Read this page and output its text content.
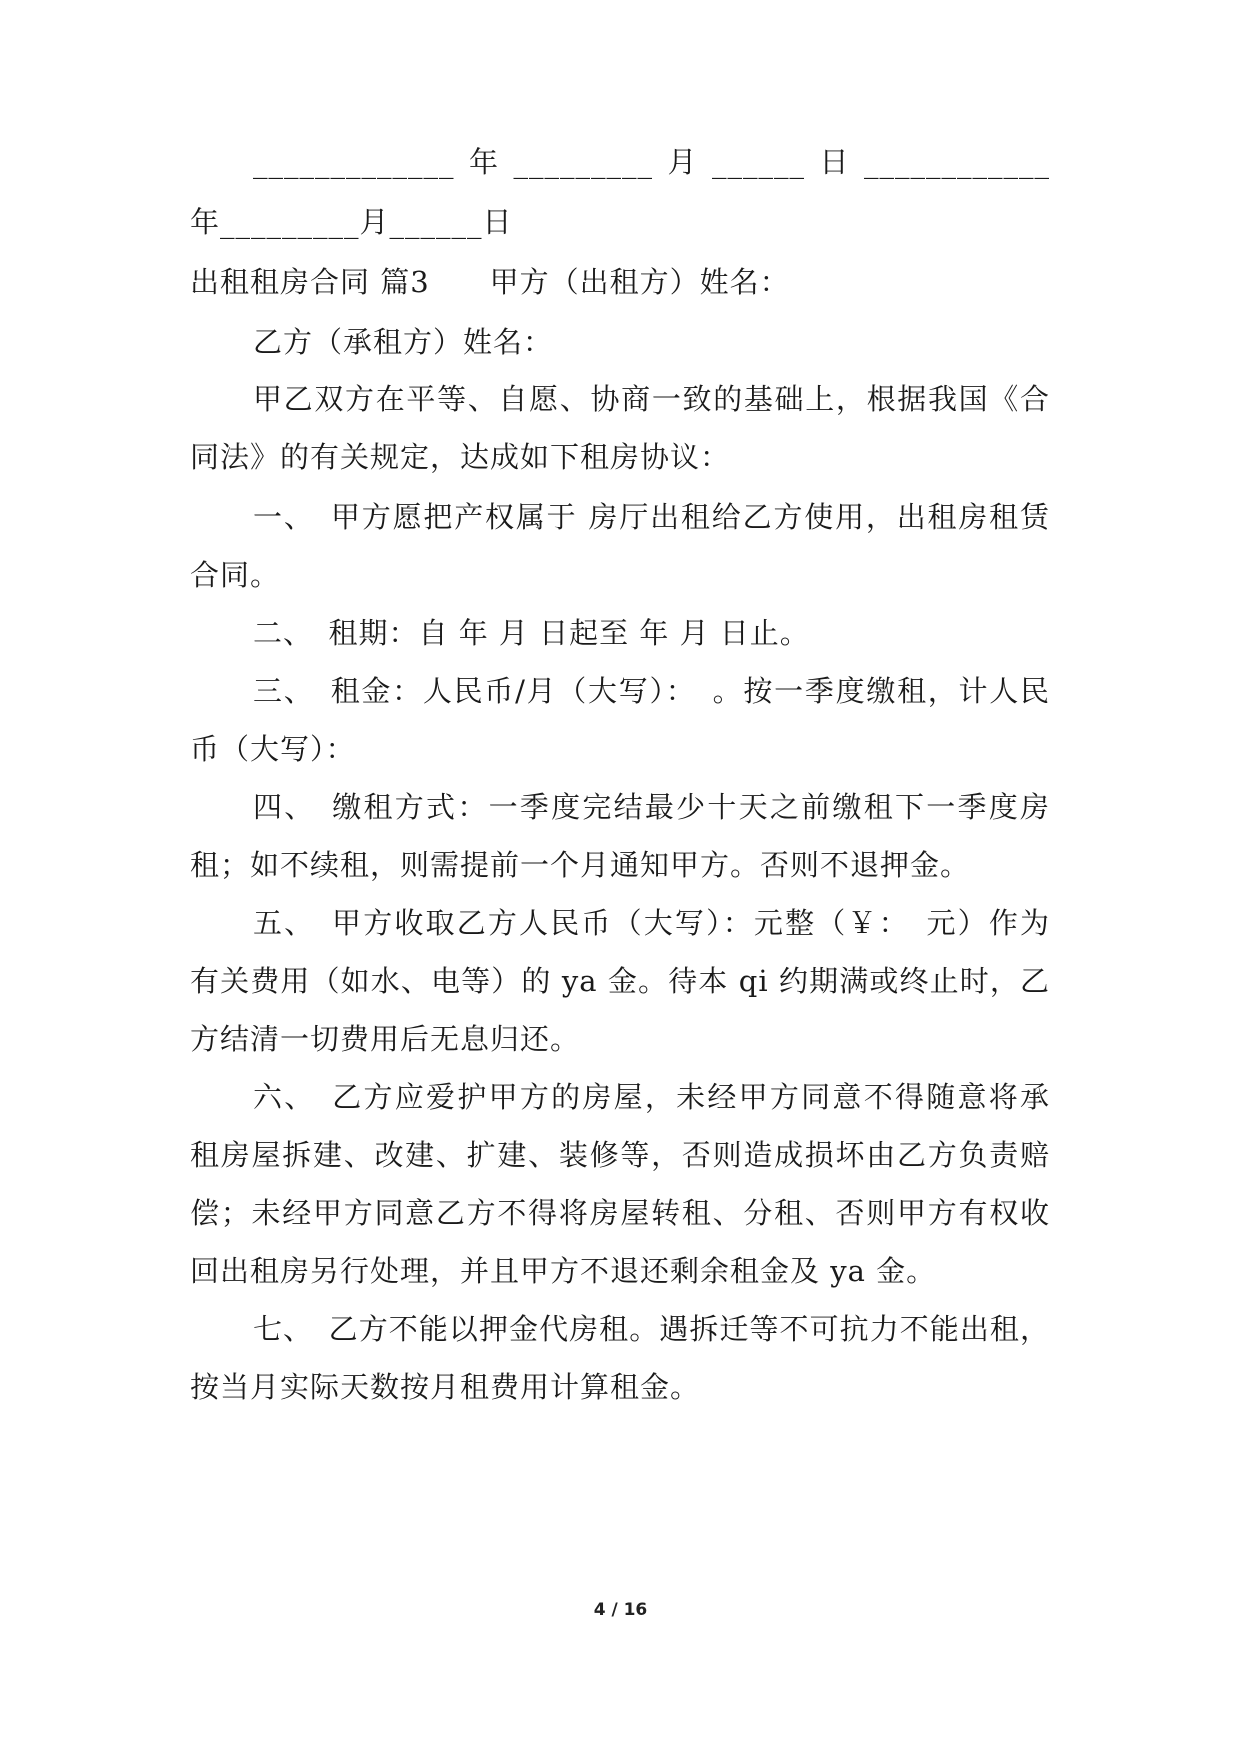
_____________年_________月______日____________
年_________月______日
出租租房合同 篇3　　甲方（出租方）姓名：
乙方（承租方）姓名：
甲乙双方在平等、自愿、协商一致的基础上，根据我国《合
同法》的有关规定，达成如下租房协议：
一、　甲方愿把产权属于 房厅出租给乙方使用，出租房租赁
合同。
二、　租期：自 年 月 日起至 年 月 日止。
三、　租金：人民币/月（大写）：　。按一季度缴租，计人民
币（大写）：
四、　缴租方式：一季度完结最少十天之前缴租下一季度房
租；如不续租，则需提前一个月通知甲方。否则不退押金。
五、　甲方收取乙方人民币（大写）：元整（￥：　元）作为
有关费用（如水、电等）的 ya 金。待本 qi 约期满或终止时，乙
方结清一切费用后无息归还。
六、　乙方应爱护甲方的房屋，未经甲方同意不得随意将承
租房屋拆建、改建、扩建、装修等，否则造成损坏由乙方负责赔
偿；未经甲方同意乙方不得将房屋转租、分租、否则甲方有权收
回出租房另行处理，并且甲方不退还剩余租金及 ya 金。
七、　乙方不能以押金代房租。遇拆迁等不可抗力不能出租，
按当月实际天数按月租费用计算租金。
4 / 16
